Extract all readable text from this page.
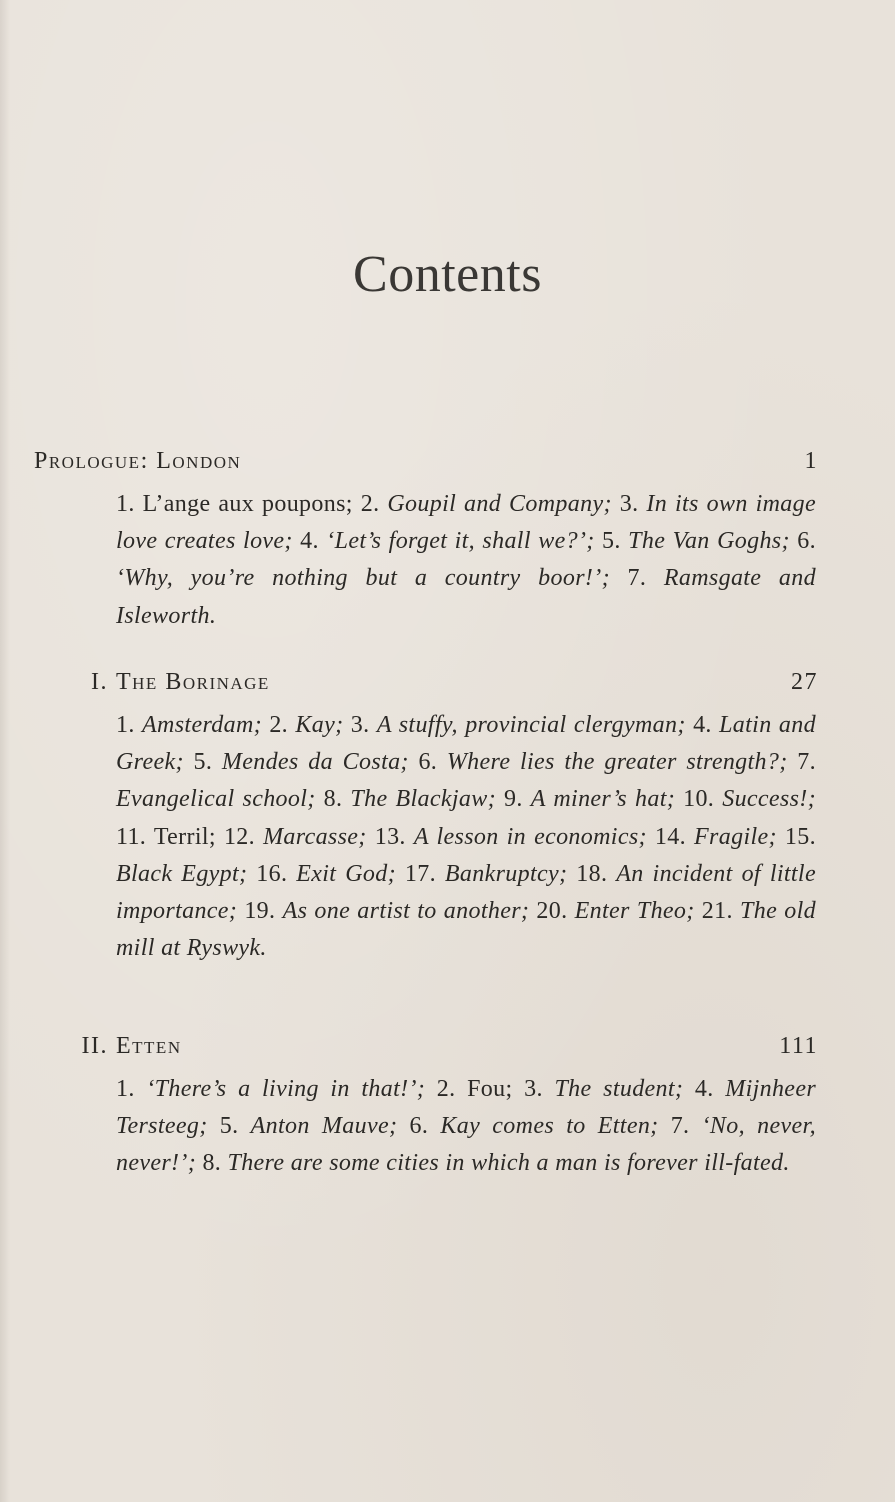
Contents
Prologue: London	1
1. L’ange aux poupons; 2. Goupil and Company; 3. In its own image love creates love; 4. ‘Let’s forget it, shall we?’; 5. The Van Goghs; 6. ‘Why, you’re nothing but a country boor!’; 7. Ramsgate and Isleworth.
I. The Borinage	27
1. Amsterdam; 2. Kay; 3. A stuffy, provincial clergyman; 4. Latin and Greek; 5. Mendes da Costa; 6. Where lies the greater strength?; 7. Evangelical school; 8. The Blackjaw; 9. A miner’s hat; 10. Success!; 11. Terril; 12. Marcasse; 13. A lesson in economics; 14. Fragile; 15. Black Egypt; 16. Exit God; 17. Bankruptcy; 18. An incident of little importance; 19. As one artist to another; 20. Enter Theo; 21. The old mill at Ryswyk.
II. Etten	111
1. ‘There’s a living in that!’; 2. Fou; 3. The student; 4. Mijnheer Tersteeg; 5. Anton Mauve; 6. Kay comes to Etten; 7. ‘No, never, never!’; 8. There are some cities in which a man is forever ill-fated.
